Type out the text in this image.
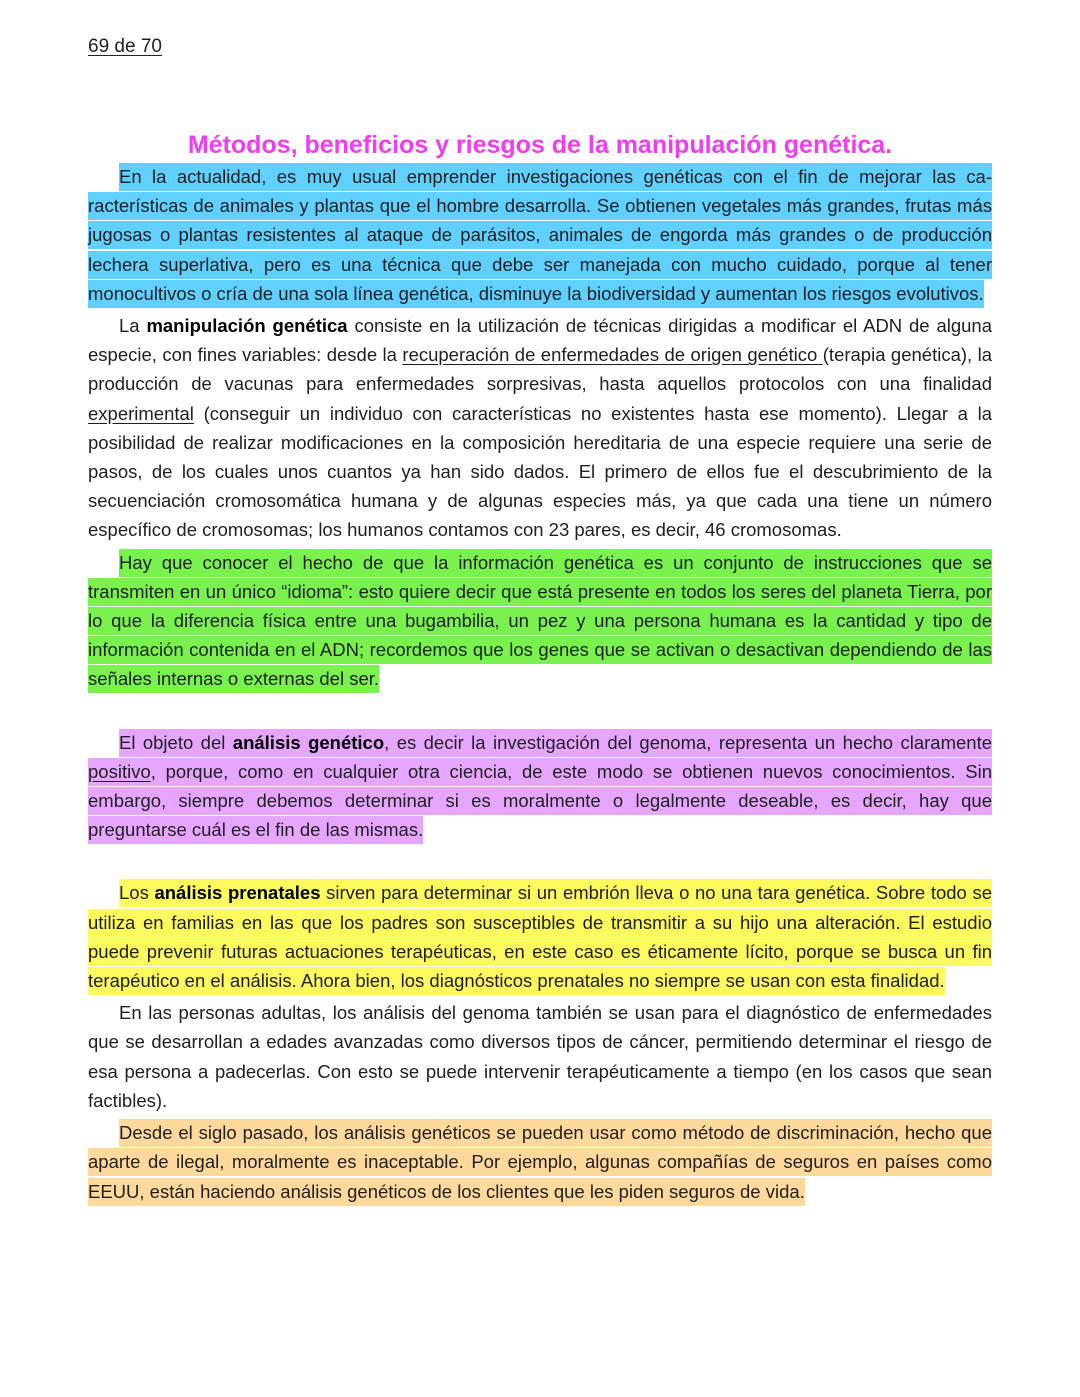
69 de 70
Métodos, beneficios y riesgos de la manipulación genética.

En la actualidad, es muy usual emprender investigaciones genéticas con el fin de mejorar las características de animales y plantas que el hombre desarrolla. Se obtienen vegetales más grandes, frutas más jugosas o plantas resistentes al ataque de parásitos, animales de engorda más grandes o de producción lechera superlativa, pero es una técnica que debe ser manejada con mucho cuidado, porque al tener monocultivos o cría de una sola línea genética, disminuye la biodiversidad y aumentan los riesgos evolutivos.

La manipulación genética consiste en la utilización de técnicas dirigidas a modificar el ADN de alguna especie, con fines variables: desde la recuperación de enfermedades de origen genético (terapia genética), la producción de vacunas para enfermedades sorpresivas, hasta aquellos protocolos con una finalidad experimental (conseguir un individuo con características no existentes hasta ese momento). Llegar a la posibilidad de realizar modificaciones en la composición hereditaria de una especie requiere una serie de pasos, de los cuales unos cuantos ya han sido dados. El primero de ellos fue el descubrimiento de la secuenciación cromosomática humana y de algunas especies más, ya que cada una tiene un número específico de cromosomas; los humanos contamos con 23 pares, es decir, 46 cromosomas.

Hay que conocer el hecho de que la información genética es un conjunto de instrucciones que se transmiten en un único “idioma”: esto quiere decir que está presente en todos los seres del planeta Tierra, por lo que la diferencia física entre una bugambilia, un pez y una persona humana es la cantidad y tipo de información contenida en el ADN; recordemos que los genes que se activan o desactivan dependiendo de las señales internas o externas del ser.

El objeto del análisis genético, es decir la investigación del genoma, representa un hecho claramente positivo, porque, como en cualquier otra ciencia, de este modo se obtienen nuevos conocimientos. Sin embargo, siempre debemos determinar si es moralmente o legalmente deseable, es decir, hay que preguntarse cuál es el fin de las mismas.

Los análisis prenatales sirven para determinar si un embrión lleva o no una tara genética. Sobre todo se utiliza en familias en las que los padres son susceptibles de transmitir a su hijo una alteración. El estudio puede prevenir futuras actuaciones terapéuticas, en este caso es éticamente lícito, porque se busca un fin terapéutico en el análisis. Ahora bien, los diagnósticos prenatales no siempre se usan con esta finalidad.

En las personas adultas, los análisis del genoma también se usan para el diagnóstico de enfermedades que se desarrollan a edades avanzadas como diversos tipos de cáncer, permitiendo determinar el riesgo de esa persona a padecerlas. Con esto se puede intervenir terapéuticamente a tiempo (en los casos que sean factibles).

Desde el siglo pasado, los análisis genéticos se pueden usar como método de discriminación, hecho que aparte de ilegal, moralmente es inaceptable. Por ejemplo, algunas compañías de seguros en países como EEUU, están haciendo análisis genéticos de los clientes que les piden seguros de vida.
